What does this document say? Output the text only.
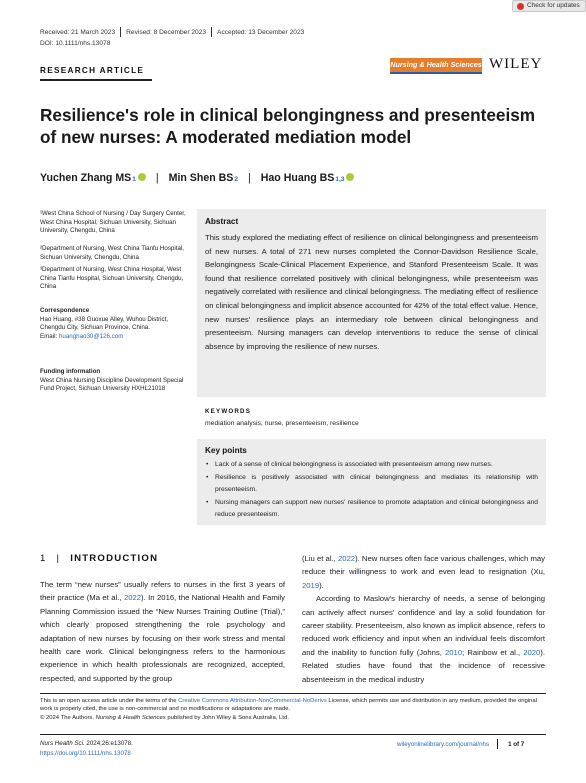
Check for updates
Received: 21 March 2023 Revised: 8 December 2023 Accepted: 13 December 2023
DOI: 10.1111/nhs.13078
RESEARCH ARTICLE
Nursing & Health Sciences WILEY
Resilience's role in clinical belongingness and presenteeism of new nurses: A moderated mediation model
Yuchen Zhang MS 1 | Min Shen BS 2 | Hao Huang BS 1,3
¹West China School of Nursing / Day Surgery Center, West China Hospital, Sichuan University, Sichuan University, Chengdu, China
²Department of Nursing, West China Tianfu Hospital, Sichuan University, Chengdu, China
³Department of Nursing, West China Hospital, West China Tianfu Hospital, Sichuan University, Chengdu, China
Correspondence
Hao Huang, #38 Guoxue Alley, Wuhou District, Chengdu City, Sichuan Province, China.
Email: huanghao30@126.com
Funding information
West China Nursing Discipline Development Special Fund Project, Sichuan University HXHL21018
Abstract
This study explored the mediating effect of resilience on clinical belongingness and presenteeism of new nurses. A total of 271 new nurses completed the Connor-Davidson Resilience Scale, Belongingness Scale-Clinical Placement Experience, and Stanford Presenteeism Scale. It was found that resilience correlated positively with clinical belongingness, while presenteeism was negatively correlated with resilience and clinical belongingness. The mediating effect of resilience on clinical belongingness and implicit absence accounted for 42% of the total effect value. Hence, new nurses' resilience plays an intermediary role between clinical belongingness and presenteeism. Nursing managers can develop interventions to reduce the sense of clinical absence by improving the resilience of new nurses.
KEYWORDS
mediation analysis, nurse, presenteeism, resilience
Key points
• Lack of a sense of clinical belongingness is associated with presenteeism among new nurses.
• Resilience is positively associated with clinical belongingness and mediates its relationship with presenteeism.
• Nursing managers can support new nurses' resilience to promote adaptation and clinical belongingness and reduce presenteeism.
1 | INTRODUCTION

The term “new nurses” usually refers to nurses in the first 3 years of their practice (Ma et al., 2022). In 2016, the National Health and Family Planning Commission issued the “New Nurses Training Outline (Trial),” which clearly proposed strengthening the role psychology and adaptation of new nurses by focusing on their work stress and mental health care work. Clinical belongingness refers to the harmonious experience in which health professionals are recognized, accepted, respected, and supported by the group

(Liu et al., 2022). New nurses often face various challenges, which may reduce their willingness to work and even lead to resignation (Xu, 2019).

According to Maslow's hierarchy of needs, a sense of belonging can actively affect nurses' confidence and lay a solid foundation for career stability. Presenteeism, also known as implicit absence, refers to reduced work efficiency and input when an individual feels discomfort and the inability to function fully (Johns, 2010; Rainbow et al., 2020). Related studies have found that the incidence of recessive absenteeism in the medical industry

This is an open access article under the terms of the Creative Commons Attribution-NonCommercial-NoDerivs License, which permits use and distribution in any medium, provided the original work is properly cited, the use is non-commercial and no modifications or adaptations are made.
© 2024 The Authors. Nursing & Health Sciences published by John Wiley & Sons Australia, Ltd.
Nurs Health Sci. 2024;26:e13078.
https://doi.org/10.1111/nhs.13078
wileyonlinelibrary.com/journal/nhs	1 of 7
